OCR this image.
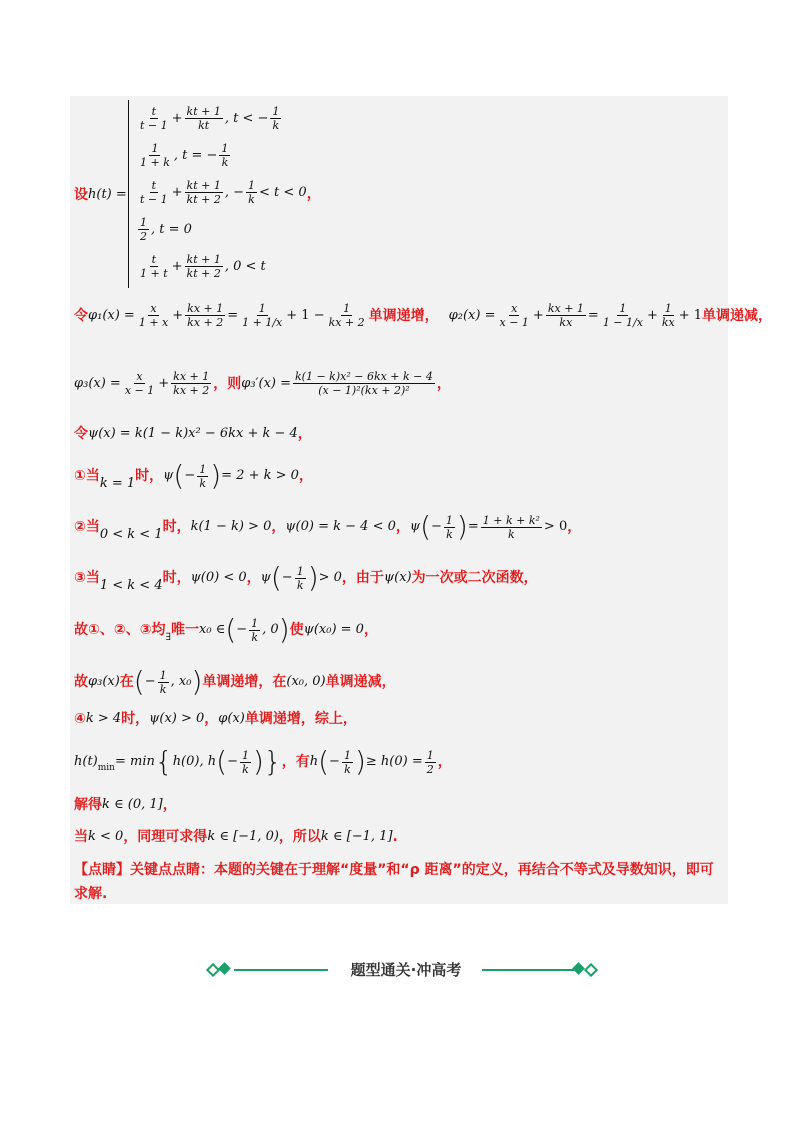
设 h(t) =
$\frac{t}{t - 1} + \frac{kt + 1}{kt}$ , t < − $\frac{1}{k}$
$\frac{1}{1 + k}$ , t = − $\frac{1}{k}$
$\frac{t}{t - 1} + \frac{kt + 1}{kt + 2}$ , − $\frac{1}{k} < t < 0$ ，
$\frac{1}{2}$ , t = 0
$\frac{t}{1 + t} + \frac{kt + 1}{kt + 2}$ , 0 < t
令 $\varphi_1(x) = \frac{x}{1 + x} + \frac{kx + 1}{kx + 2} = \frac{1}{1 + 1/x} + 1 - \frac{1}{kx + 2}$ 单调递增， $\varphi_2(x) = \frac{x}{x - 1} + \frac{kx + 1}{kx} = \frac{1}{1 - 1/x} + \frac{1}{kx} + 1$ 单调递减，
$\varphi_3(x) = \frac{x}{x - 1} + \frac{kx + 1}{kx + 2}$ ，则 $\varphi_3'(x) = \frac{\text{k(1 − k)x² − 6kx + k − 4}}{\text{(x − 1)²(kx + 2)²}}$ ，
令 ψ(x) = k(1 − k)x² − 6kx + k − 4 ，
①当 k = 1 时， ψ ( − $\frac{1}{k}$ ) = 2 + k > 0 ，
②当 0 < k < 1 时， k(1 − k) > 0 ， ψ(0) = k − 4 < 0 ， ψ ( − $\frac{1}{k}$ ) = $\frac{\text{1 + k + k²}}{k} > 0$ ，
③当 1 < k < 4 时， ψ(0) < 0 ， ψ ( − $\frac{1}{k}$ ) > 0 ，由于 ψ(x) 为一次或二次函数，
故①、②、③均 ∃ 唯一 x₀ ∈ ( − $\frac{1}{k}$ , 0 ) 使 ψ(x₀) = 0 ，
故 φ₃(x) 在 ( − $\frac{1}{k}$ , x₀ ) 单调递增，在 (x₀, 0) 单调递减，
④ k > 4 时， ψ(x) > 0 ， φ(x) 单调递增，综上，
h(t) min = min { h(0), h ( − $\frac{1}{k}$ ) } ，有 h ( − $\frac{1}{k}$ ) ≥ $h(0) = \frac{1}{2}$ ，
解得 k ∈ (0, 1] ，
当 k < 0 ，同理可求得 k ∈ [−1, 0) ，所以 k ∈ [−1, 1] .
【点睛】关键点点睛：本题的关键在于理解“度量”和“ρ 距离”的定义，再结合不等式及导数知识，即可求解.
题型通关·冲高考
